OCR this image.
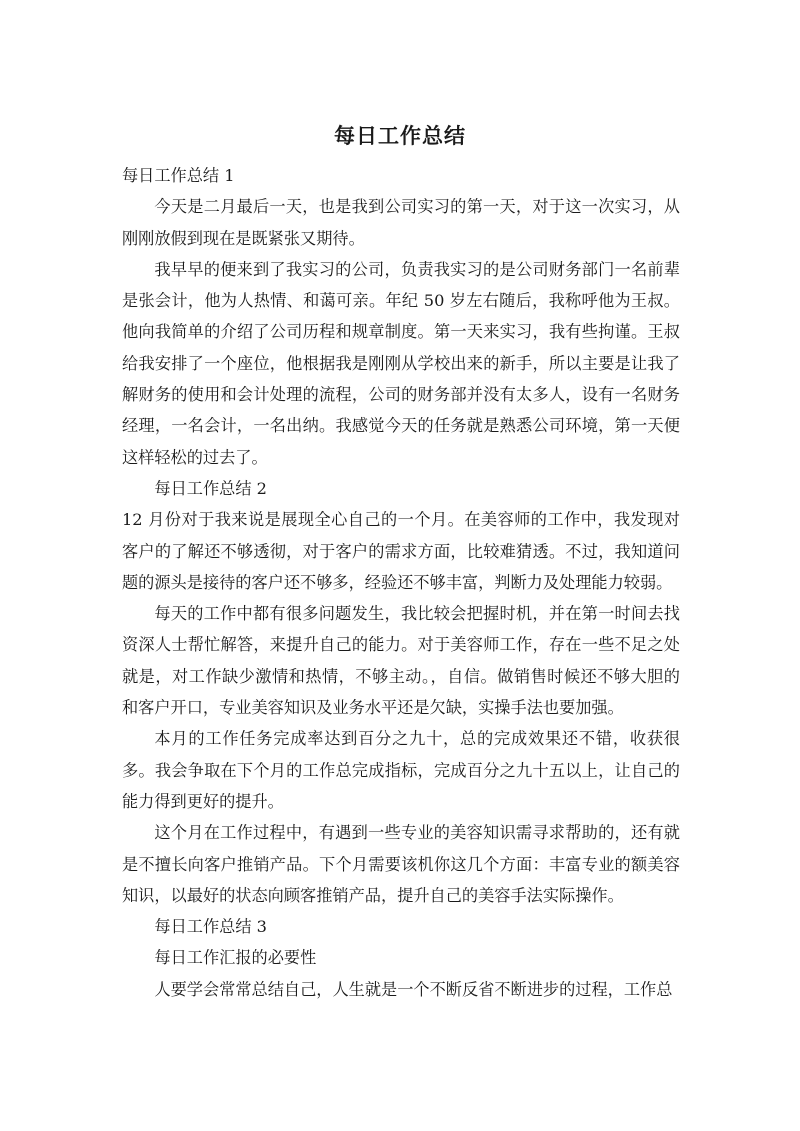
每日工作总结

每日工作总结 1

今天是二月最后一天，也是我到公司实习的第一天，对于这一次实习，从刚刚放假到现在是既紧张又期待。

我早早的便来到了我实习的公司，负责我实习的是公司财务部门一名前辈是张会计，他为人热情、和蔼可亲。年纪 50 岁左右随后，我称呼他为王叔。他向我简单的介绍了公司历程和规章制度。第一天来实习，我有些拘谨。王叔给我安排了一个座位，他根据我是刚刚从学校出来的新手，所以主要是让我了解财务的使用和会计处理的流程，公司的财务部并没有太多人，设有一名财务经理，一名会计，一名出纳。我感觉今天的任务就是熟悉公司环境，第一天便这样轻松的过去了。

每日工作总结 2

12 月份对于我来说是展现全心自己的一个月。在美容师的工作中，我发现对客户的了解还不够透彻，对于客户的需求方面，比较难猜透。不过，我知道问题的源头是接待的客户还不够多，经验还不够丰富，判断力及处理能力较弱。

每天的工作中都有很多问题发生，我比较会把握时机，并在第一时间去找资深人士帮忙解答，来提升自己的能力。对于美容师工作，存在一些不足之处就是，对工作缺少激情和热情，不够主动。，自信。做销售时候还不够大胆的和客户开口，专业美容知识及业务水平还是欠缺，实操手法也要加强。

本月的工作任务完成率达到百分之九十，总的完成效果还不错，收获很多。我会争取在下个月的工作总完成指标，完成百分之九十五以上，让自己的能力得到更好的提升。

这个月在工作过程中，有遇到一些专业的美容知识需寻求帮助的，还有就是不擅长向客户推销产品。下个月需要该机你这几个方面：丰富专业的额美容知识，以最好的状态向顾客推销产品，提升自己的美容手法实际操作。

每日工作总结 3

每日工作汇报的必要性

人要学会常常总结自己，人生就是一个不断反省不断进步的过程，工作总
